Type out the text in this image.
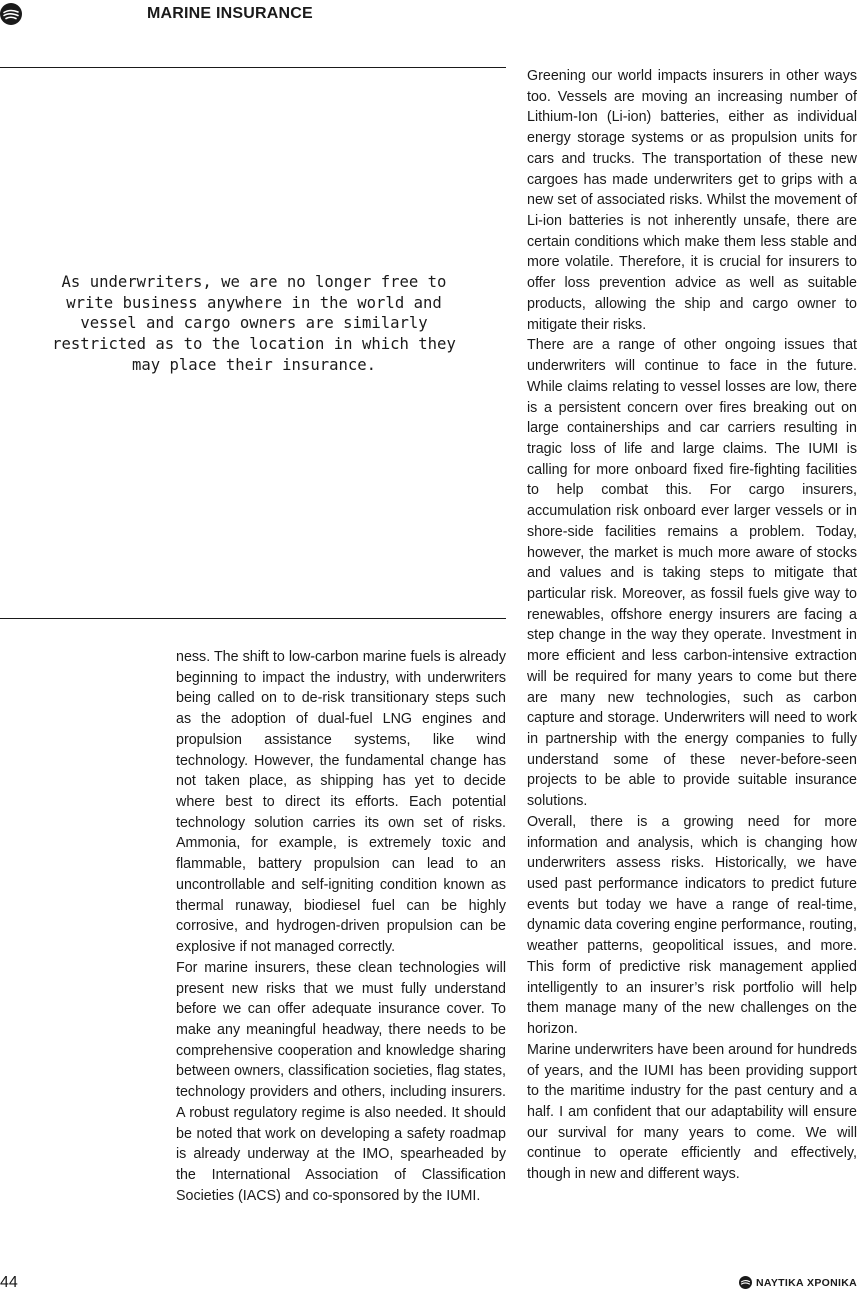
MARINE INSURANCE
As underwriters, we are no longer free to write business anywhere in the world and vessel and cargo owners are similarly restricted as to the location in which they may place their insurance.

ness. The shift to low-carbon marine fuels is already beginning to impact the industry, with underwriters being called on to de-risk transitionary steps such as the adoption of dual-fuel LNG engines and propulsion assistance systems, like wind technology. However, the fundamental change has not taken place, as shipping has yet to decide where best to direct its efforts. Each potential technology solution carries its own set of risks. Ammonia, for example, is extremely toxic and flammable, battery propulsion can lead to an uncontrollable and self-igniting condition known as thermal runaway, biodiesel fuel can be highly corrosive, and hydrogen-driven propulsion can be explosive if not managed correctly.

For marine insurers, these clean technologies will present new risks that we must fully understand before we can offer adequate insurance cover. To make any meaningful headway, there needs to be comprehensive cooperation and knowledge sharing between owners, classification societies, flag states, technology providers and others, including insurers. A robust regulatory regime is also needed. It should be noted that work on developing a safety roadmap is already underway at the IMO, spearheaded by the International Association of Classification Societies (IACS) and co-sponsored by the IUMI.

Greening our world impacts insurers in other ways too. Vessels are moving an increasing number of Lithium-Ion (Li-ion) batteries, either as individual energy storage systems or as propulsion units for cars and trucks. The transportation of these new cargoes has made underwriters get to grips with a new set of associated risks. Whilst the movement of Li-ion batteries is not inherently unsafe, there are certain conditions which make them less stable and more volatile. Therefore, it is crucial for insurers to offer loss prevention advice as well as suitable products, allowing the ship and cargo owner to mitigate their risks.

There are a range of other ongoing issues that underwriters will continue to face in the future. While claims relating to vessel losses are low, there is a persistent concern over fires breaking out on large containerships and car carriers resulting in tragic loss of life and large claims. The IUMI is calling for more onboard fixed fire-fighting facilities to help combat this. For cargo insurers, accumulation risk onboard ever larger vessels or in shore-side facilities remains a problem. Today, however, the market is much more aware of stocks and values and is taking steps to mitigate that particular risk. Moreover, as fossil fuels give way to renewables, offshore energy insurers are facing a step change in the way they operate. Investment in more efficient and less carbon-intensive extraction will be required for many years to come but there are many new technologies, such as carbon capture and storage. Underwriters will need to work in partnership with the energy companies to fully understand some of these never-before-seen projects to be able to provide suitable insurance solutions.

Overall, there is a growing need for more information and analysis, which is changing how underwriters assess risks. Historically, we have used past performance indicators to predict future events but today we have a range of real-time, dynamic data covering engine performance, routing, weather patterns, geopolitical issues, and more. This form of predictive risk management applied intelligently to an insurer’s risk portfolio will help them manage many of the new challenges on the horizon.

Marine underwriters have been around for hundreds of years, and the IUMI has been providing support to the maritime industry for the past century and a half. I am confident that our adaptability will ensure our survival for many years to come. We will continue to operate efficiently and effectively, though in new and different ways.

44	ΝΑΥΤΙΚΑ ΧΡΟΝΙΚΑ
